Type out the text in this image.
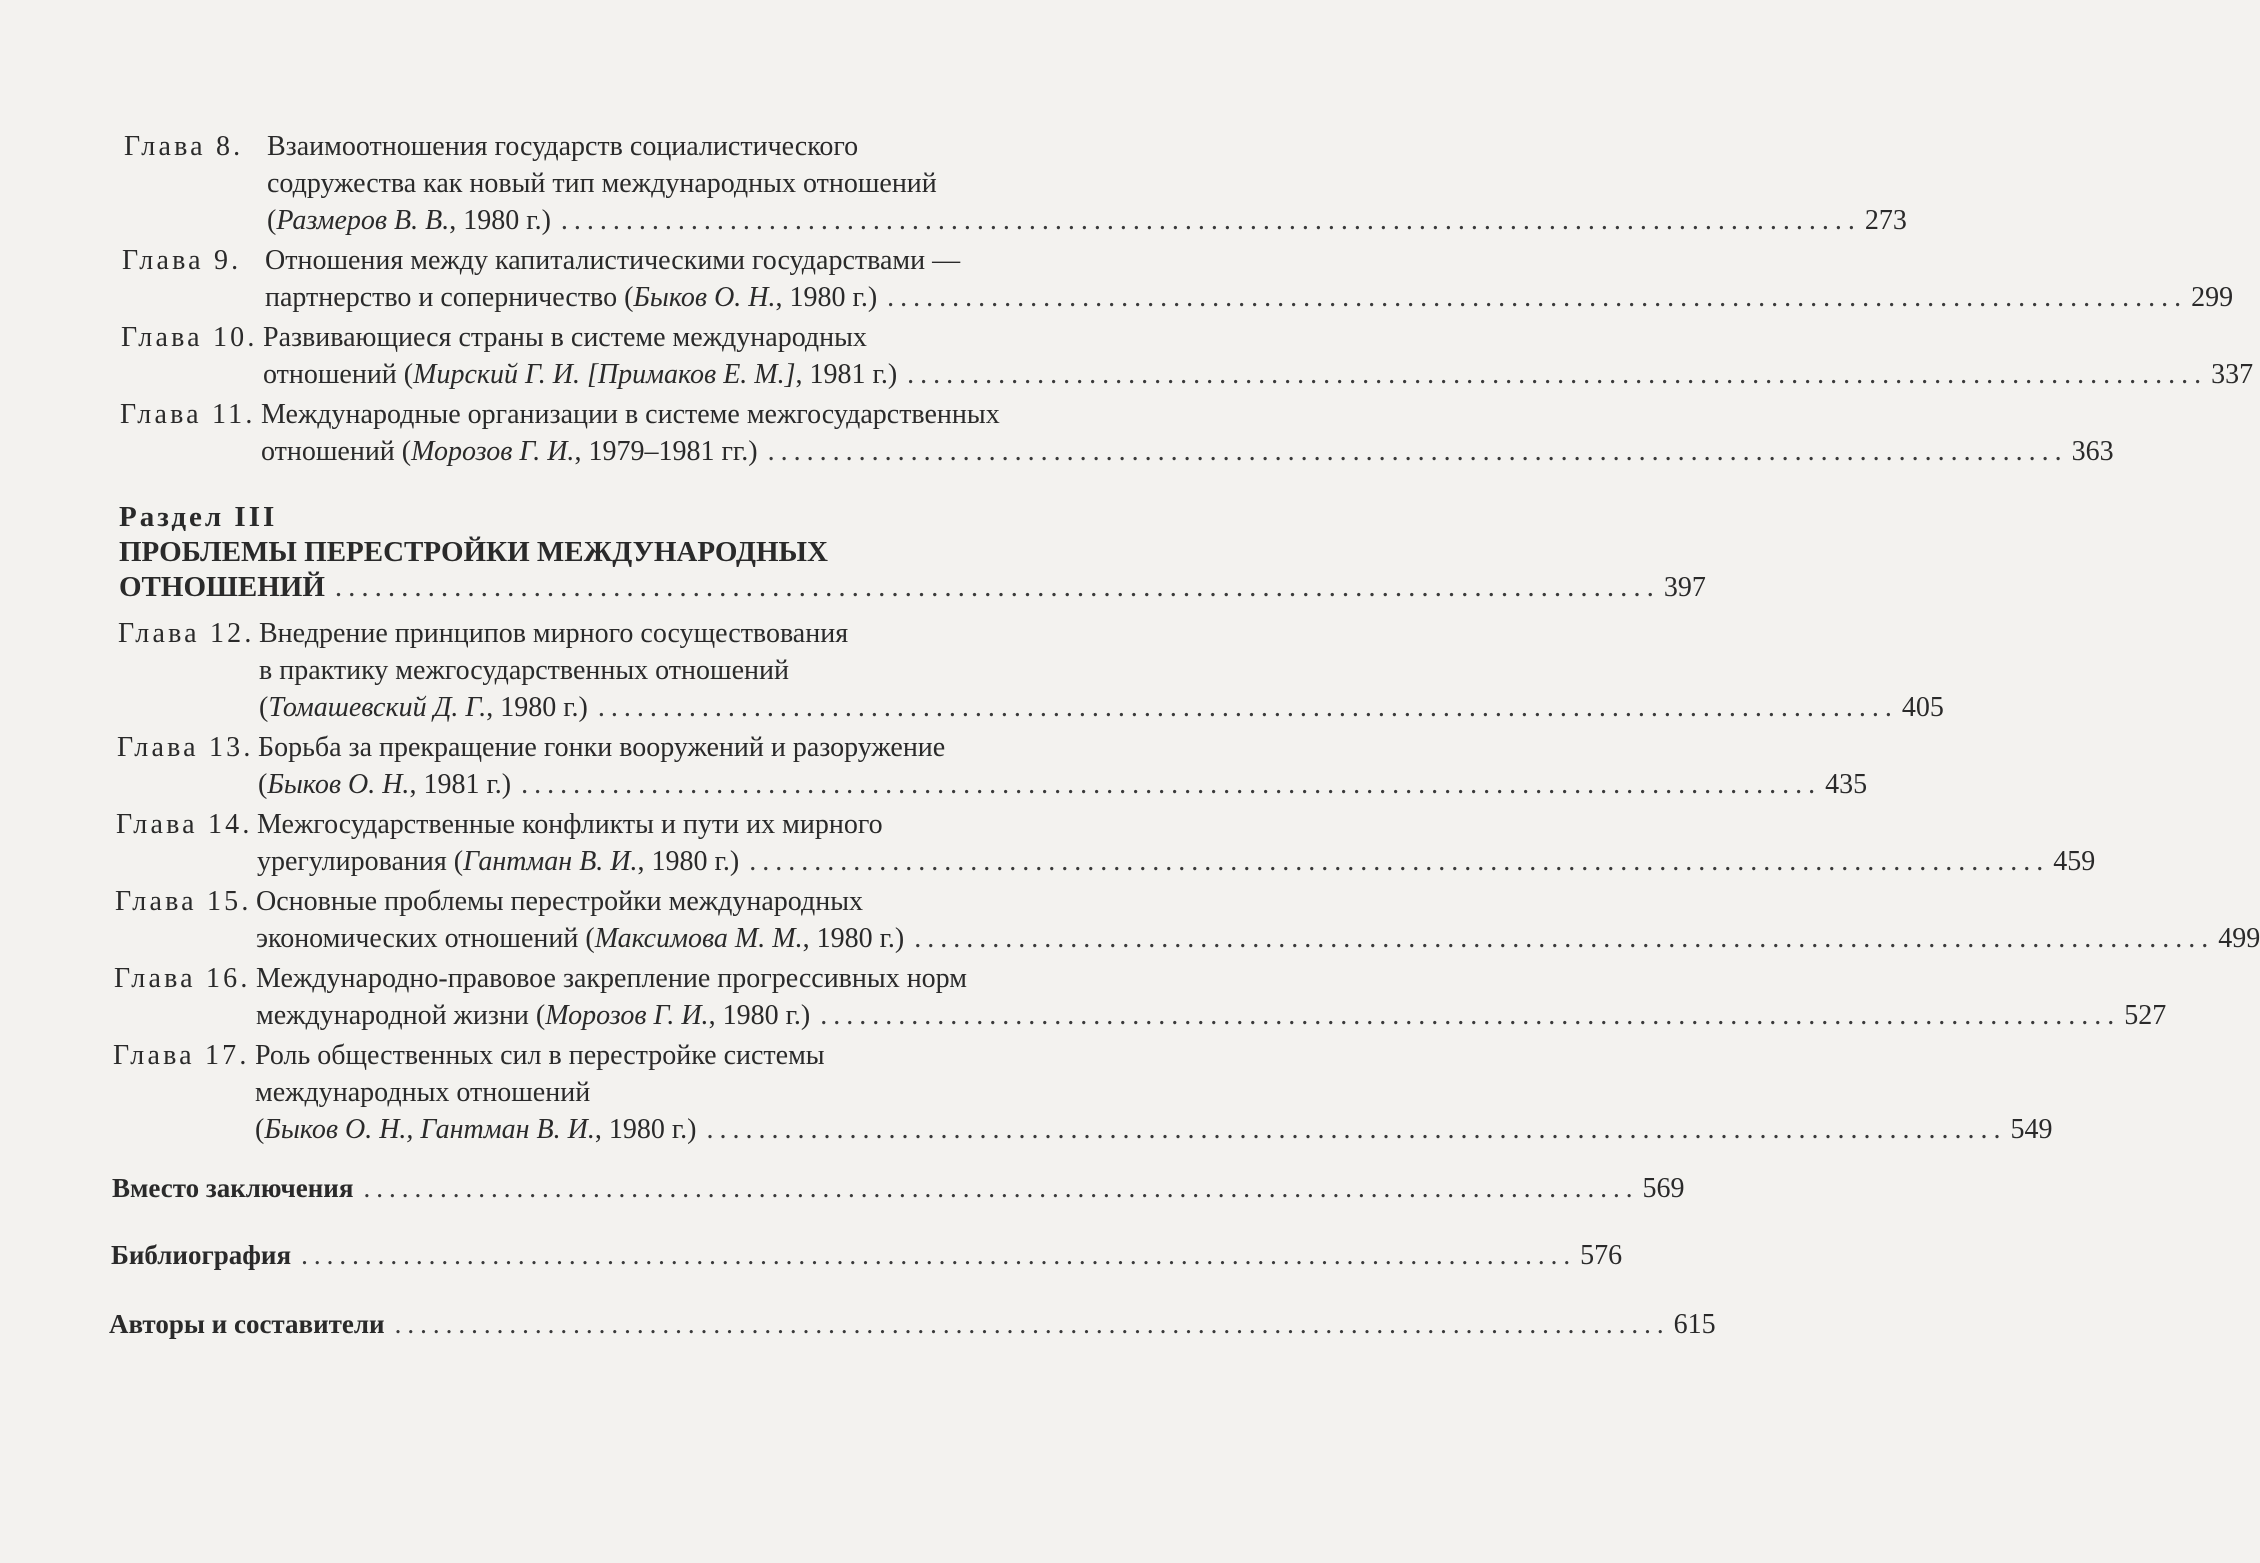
Глава 8. Взаимоотношения государств социалистического
содружества как новый тип международных отношений
(Размеров В. В., 1980 г.) .................................................................................................... 273
Глава 9. Отношения между капиталистическими государствами —
партнерство и соперничество (Быков О. Н., 1980 г.) .................................................................................................... 299
Глава 10. Развивающиеся страны в системе международных
отношений (Мирский Г. И. [Примаков Е. М.], 1981 г.) .................................................................................................... 337
Глава 11. Международные организации в системе межгосударственных
отношений (Морозов Г. И., 1979–1981 гг.) .................................................................................................... 363
Раздел III
ПРОБЛЕМЫ ПЕРЕСТРОЙКИ МЕЖДУНАРОДНЫХ
ОТНОШЕНИЙ .................................................................................................... 397
Глава 12. Внедрение принципов мирного сосуществования
в практику межгосударственных отношений
(Томашевский Д. Г., 1980 г.) .................................................................................................... 405
Глава 13. Борьба за прекращение гонки вооружений и разоружение
(Быков О. Н., 1981 г.) .................................................................................................... 435
Глава 14. Межгосударственные конфликты и пути их мирного
урегулирования (Гантман В. И., 1980 г.) .................................................................................................... 459
Глава 15. Основные проблемы перестройки международных
экономических отношений (Максимова М. М., 1980 г.) .................................................................................................... 499
Глава 16. Международно-правовое закрепление прогрессивных норм
международной жизни (Морозов Г. И., 1980 г.) .................................................................................................... 527
Глава 17. Роль общественных сил в перестройке системы
международных отношений
(Быков О. Н., Гантман В. И., 1980 г.) .................................................................................................... 549
Вместо заключения .................................................................................................... 569
Библиография .................................................................................................... 576
Авторы и составители .................................................................................................... 615
